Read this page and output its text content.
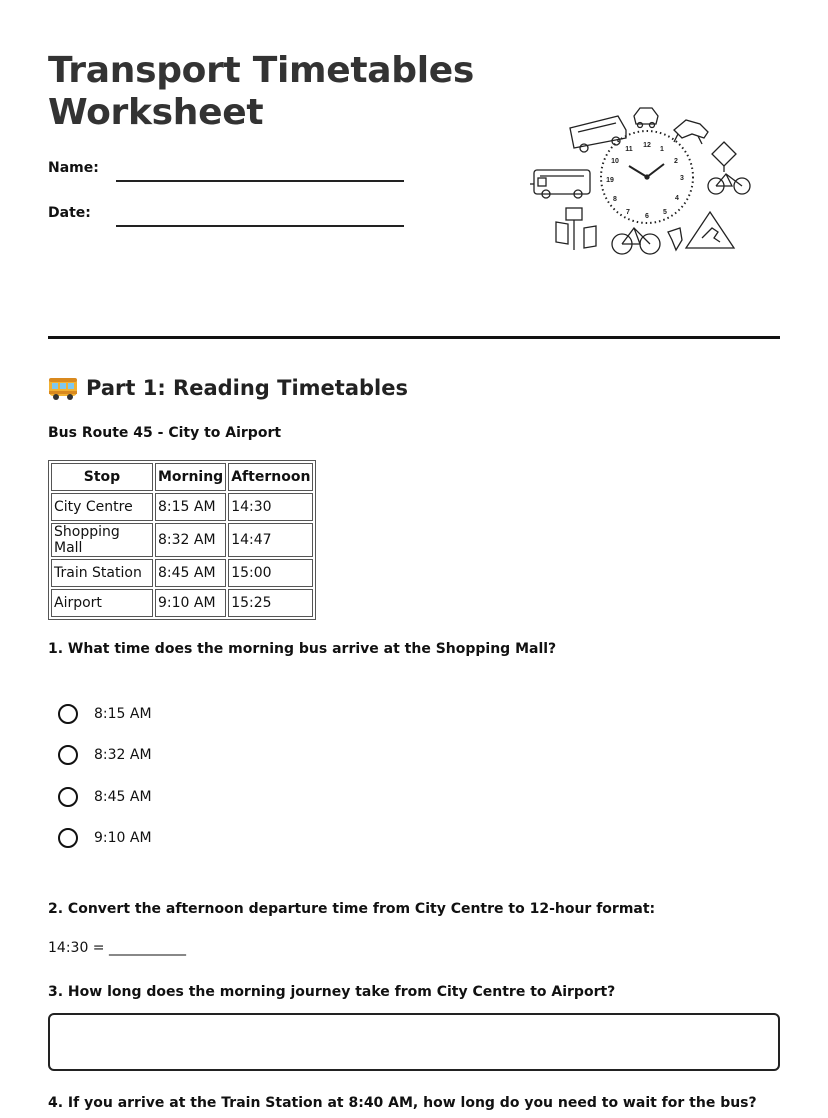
Transport Timetables
Worksheet
Name:
Date:
12
1
2
3
4
5
6
7
8
19
10
11
Part 1: Reading Timetables
Bus Route 45 - City to Airport
Stop	Morning	Afternoon
City Centre	8:15 AM	14:30
Shopping Mall	8:32 AM	14:47
Train Station	8:45 AM	15:00
Airport	9:10 AM	15:25
1. What time does the morning bus arrive at the Shopping Mall?
8:15 AM
8:32 AM
8:45 AM
9:10 AM
2. Convert the afternoon departure time from City Centre to 12-hour format:
14:30 = ___________
3. How long does the morning journey take from City Centre to Airport?
4. If you arrive at the Train Station at 8:40 AM, how long do you need to wait for the bus?
